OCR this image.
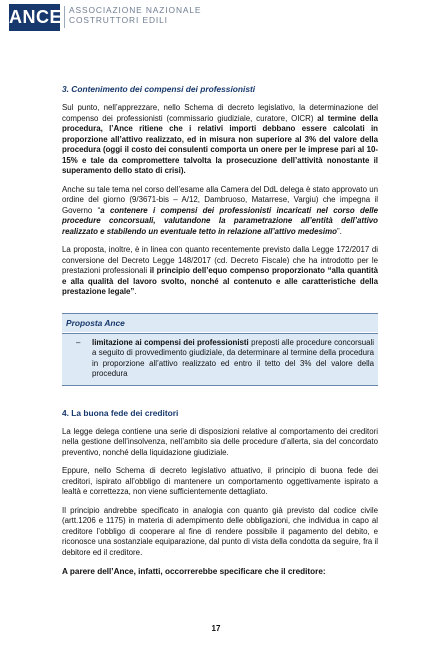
ANCE ASSOCIAZIONE NAZIONALE
COSTRUTTORI EDILI
3. Contenimento dei compensi dei professionisti

Sul punto, nell’apprezzare, nello Schema di decreto legislativo, la determinazione del compenso dei professionisti (commissario giudiziale, curatore, OICR) al termine della procedura, l’Ance ritiene che i relativi importi debbano essere calcolati in proporzione all’attivo realizzato, ed in misura non superiore al 3% del valore della procedura (oggi il costo dei consulenti comporta un onere per le imprese pari al 10-15% e tale da compromettere talvolta la prosecuzione dell’attività nonostante il superamento dello stato di crisi).

Anche su tale tema nel corso dell’esame alla Camera del DdL delega è stato approvato un ordine del giorno (9/3671-bis – A/12, Dambruoso, Matarrese, Vargiu) che impegna il Governo “a contenere i compensi dei professionisti incaricati nel corso delle procedure concorsuali, valutandone la parametrazione all’entità dell’attivo realizzato e stabilendo un eventuale tetto in relazione all’attivo medesimo”.

La proposta, inoltre, è in linea con quanto recentemente previsto dalla Legge 172/2017 di conversione del Decreto Legge 148/2017 (cd. Decreto Fiscale) che ha introdotto per le prestazioni professionali il principio dell’equo compenso proporzionato “alla quantità e alla qualità del lavoro svolto, nonché al contenuto e alle caratteristiche della prestazione legale”.

Proposta Ance
–	limitazione ai compensi dei professionisti preposti alle procedure concorsuali a seguito di provvedimento giudiziale, da determinare al termine della procedura in proporzione all’attivo realizzato ed entro il tetto del 3% del valore della procedura
4. La buona fede dei creditori

La legge delega contiene una serie di disposizioni relative al comportamento dei creditori nella gestione dell’insolvenza, nell’ambito sia delle procedure d’allerta, sia del concordato preventivo, nonché della liquidazione giudiziale.

Eppure, nello Schema di decreto legislativo attuativo, il principio di buona fede dei creditori, ispirato all’obbligo di mantenere un comportamento oggettivamente ispirato a lealtà e correttezza, non viene sufficientemente dettagliato.

Il principio andrebbe specificato in analogia con quanto già previsto dal codice civile (artt.1206 e 1175) in materia di adempimento delle obbligazioni, che individua in capo al creditore l’obbligo di cooperare al fine di rendere possibile il pagamento del debito, e riconosce una sostanziale equiparazione, dal punto di vista della condotta da seguire, fra il debitore ed il creditore.

A parere dell’Ance, infatti, occorrerebbe specificare che il creditore:
17
